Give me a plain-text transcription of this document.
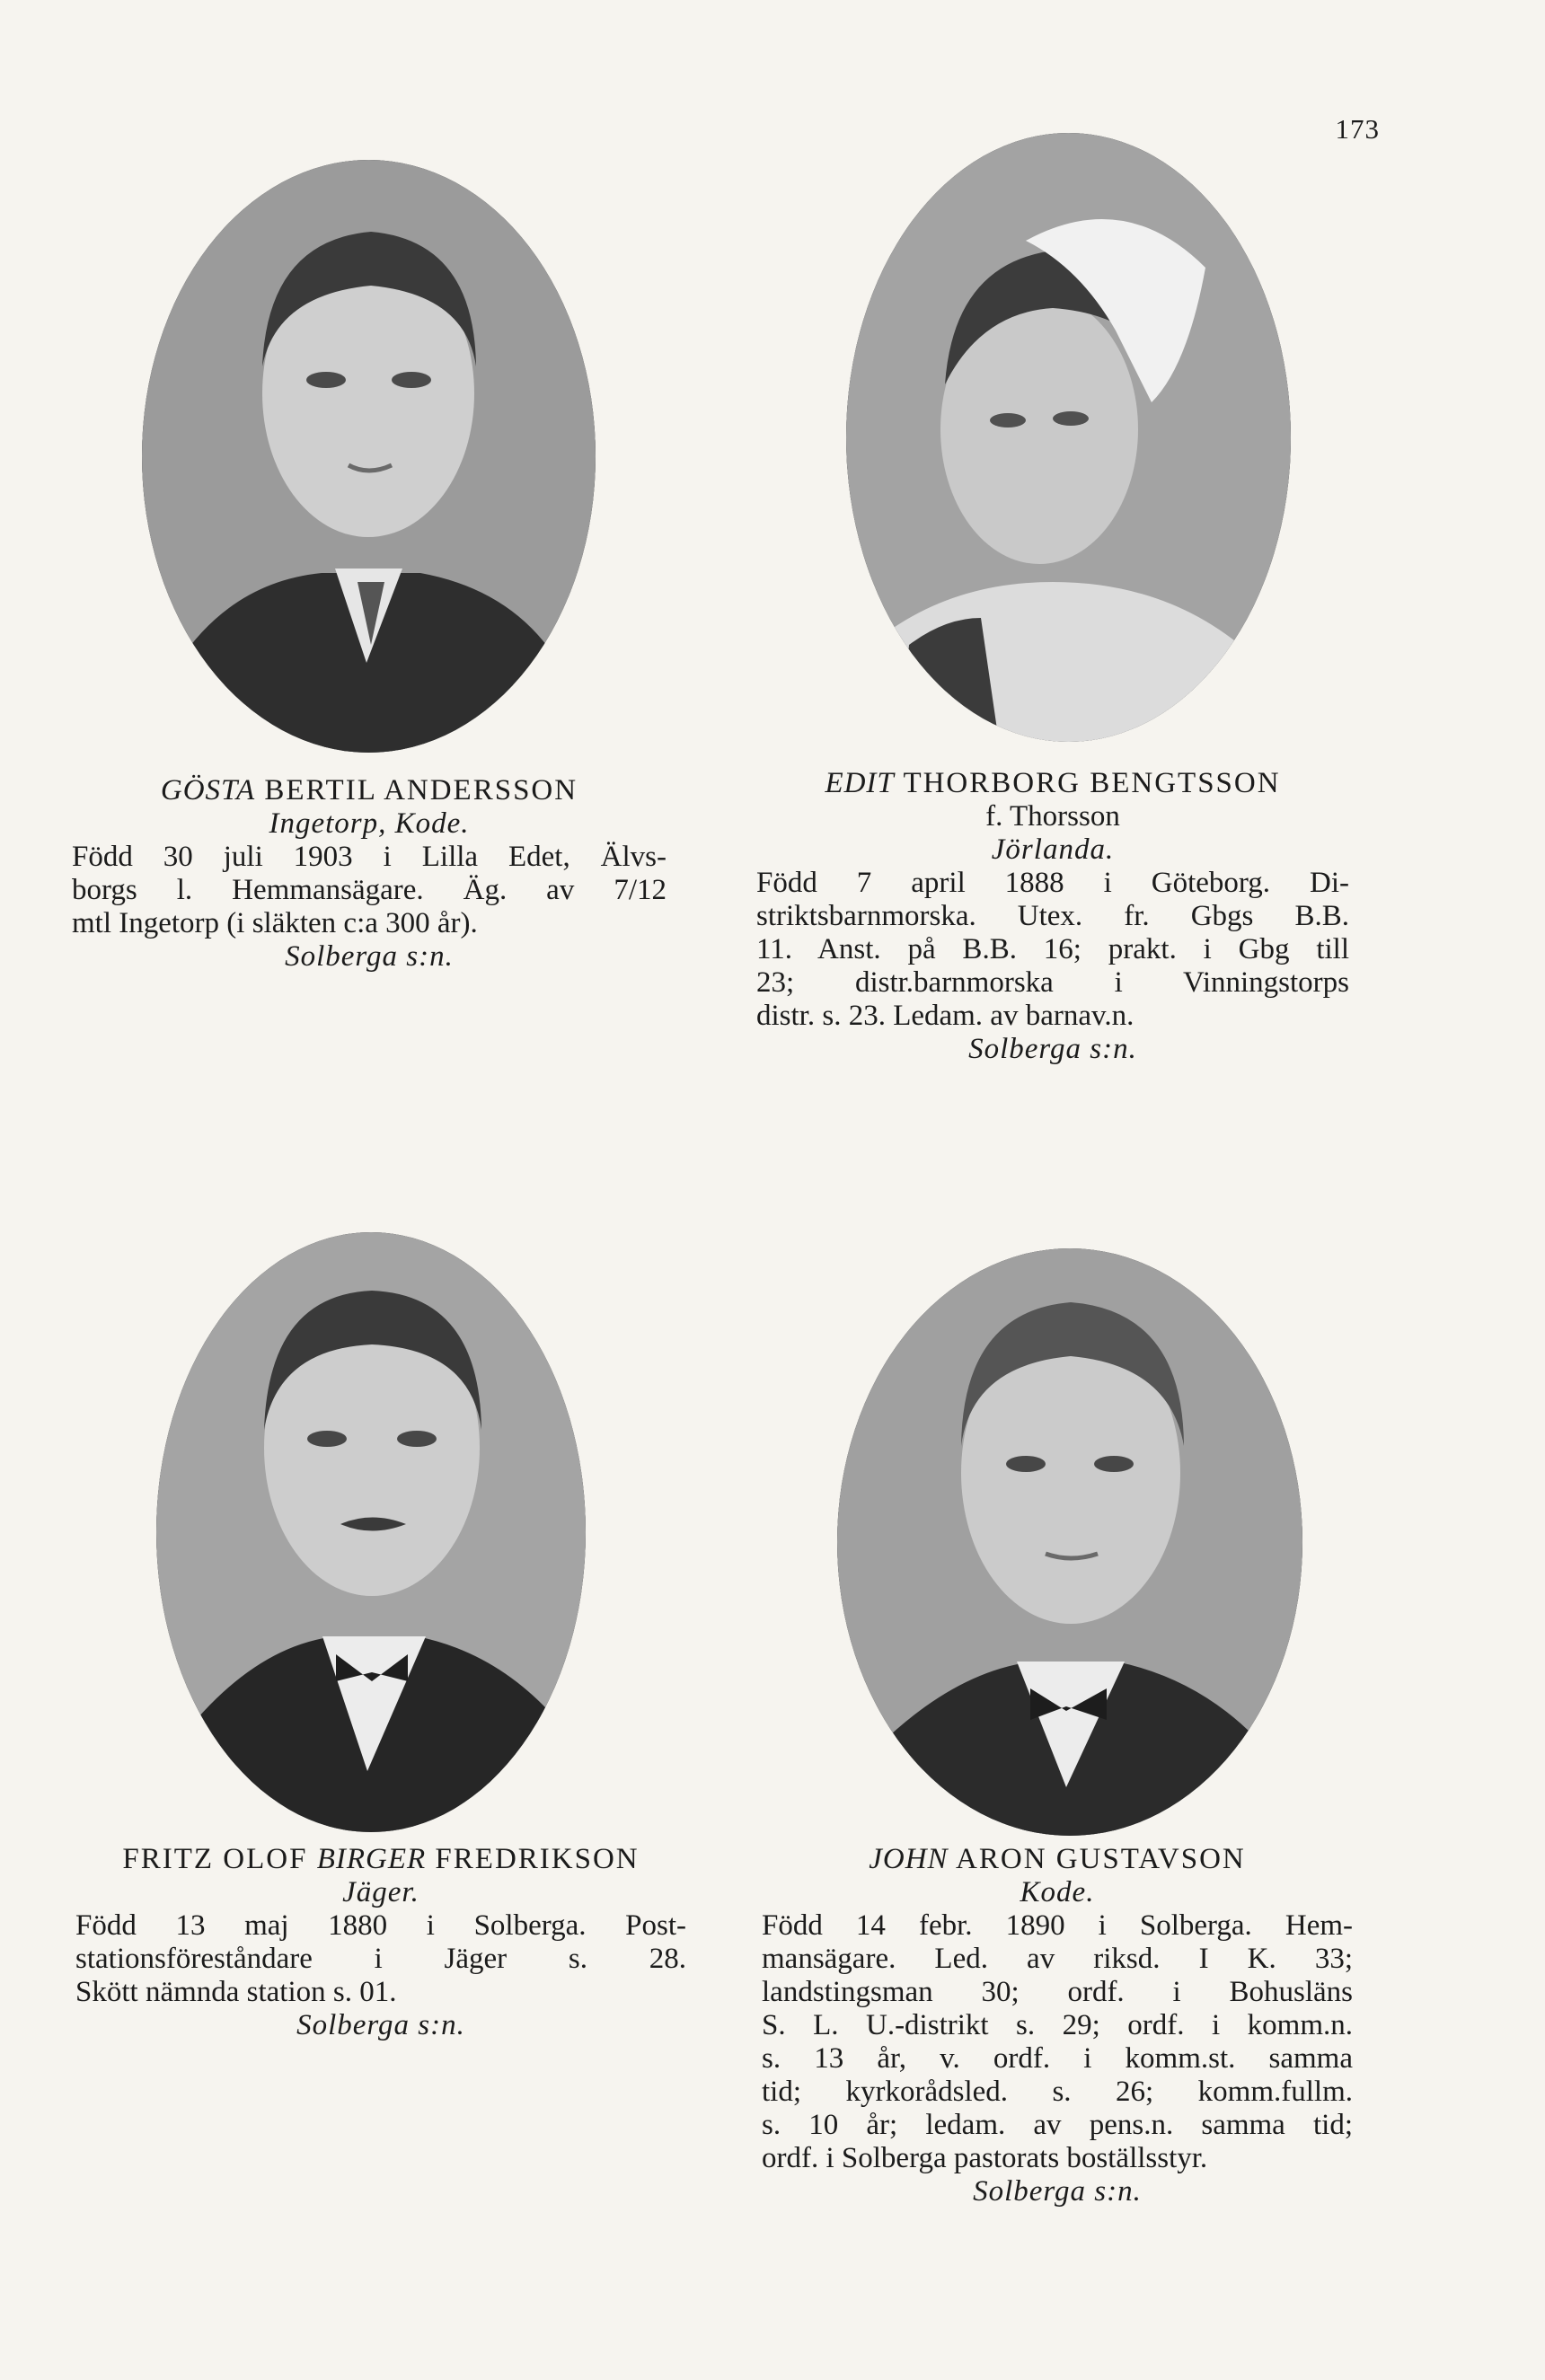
173
GÖSTA BERTIL ANDERSSON
Ingetorp, Kode.
Född 30 juli 1903 i Lilla Edet, Älvs-
borgs l. Hemmansägare. Äg. av 7/12
mtl Ingetorp (i släkten c:a 300 år).
Solberga s:n.
EDIT THORBORG BENGTSSON
f. Thorsson
Jörlanda.
Född 7 april 1888 i Göteborg. Di-
striktsbarnmorska. Utex. fr. Gbgs B.B.
11. Anst. på B.B. 16; prakt. i Gbg till
23; distr.barnmorska i Vinningstorps
distr. s. 23. Ledam. av barnav.n.
Solberga s:n.
FRITZ OLOF BIRGER FREDRIKSON
Jäger.
Född 13 maj 1880 i Solberga. Post-
stationsföreståndare i Jäger s. 28.
Skött nämnda station s. 01.
Solberga s:n.
JOHN ARON GUSTAVSON
Kode.
Född 14 febr. 1890 i Solberga. Hem-
mansägare. Led. av riksd. I K. 33;
landstingsman 30; ordf. i Bohusläns
S. L. U.-distrikt s. 29; ordf. i komm.n.
s. 13 år, v. ordf. i komm.st. samma
tid; kyrkorådsled. s. 26; komm.fullm.
s. 10 år; ledam. av pens.n. samma tid;
ordf. i Solberga pastorats boställsstyr.
Solberga s:n.
